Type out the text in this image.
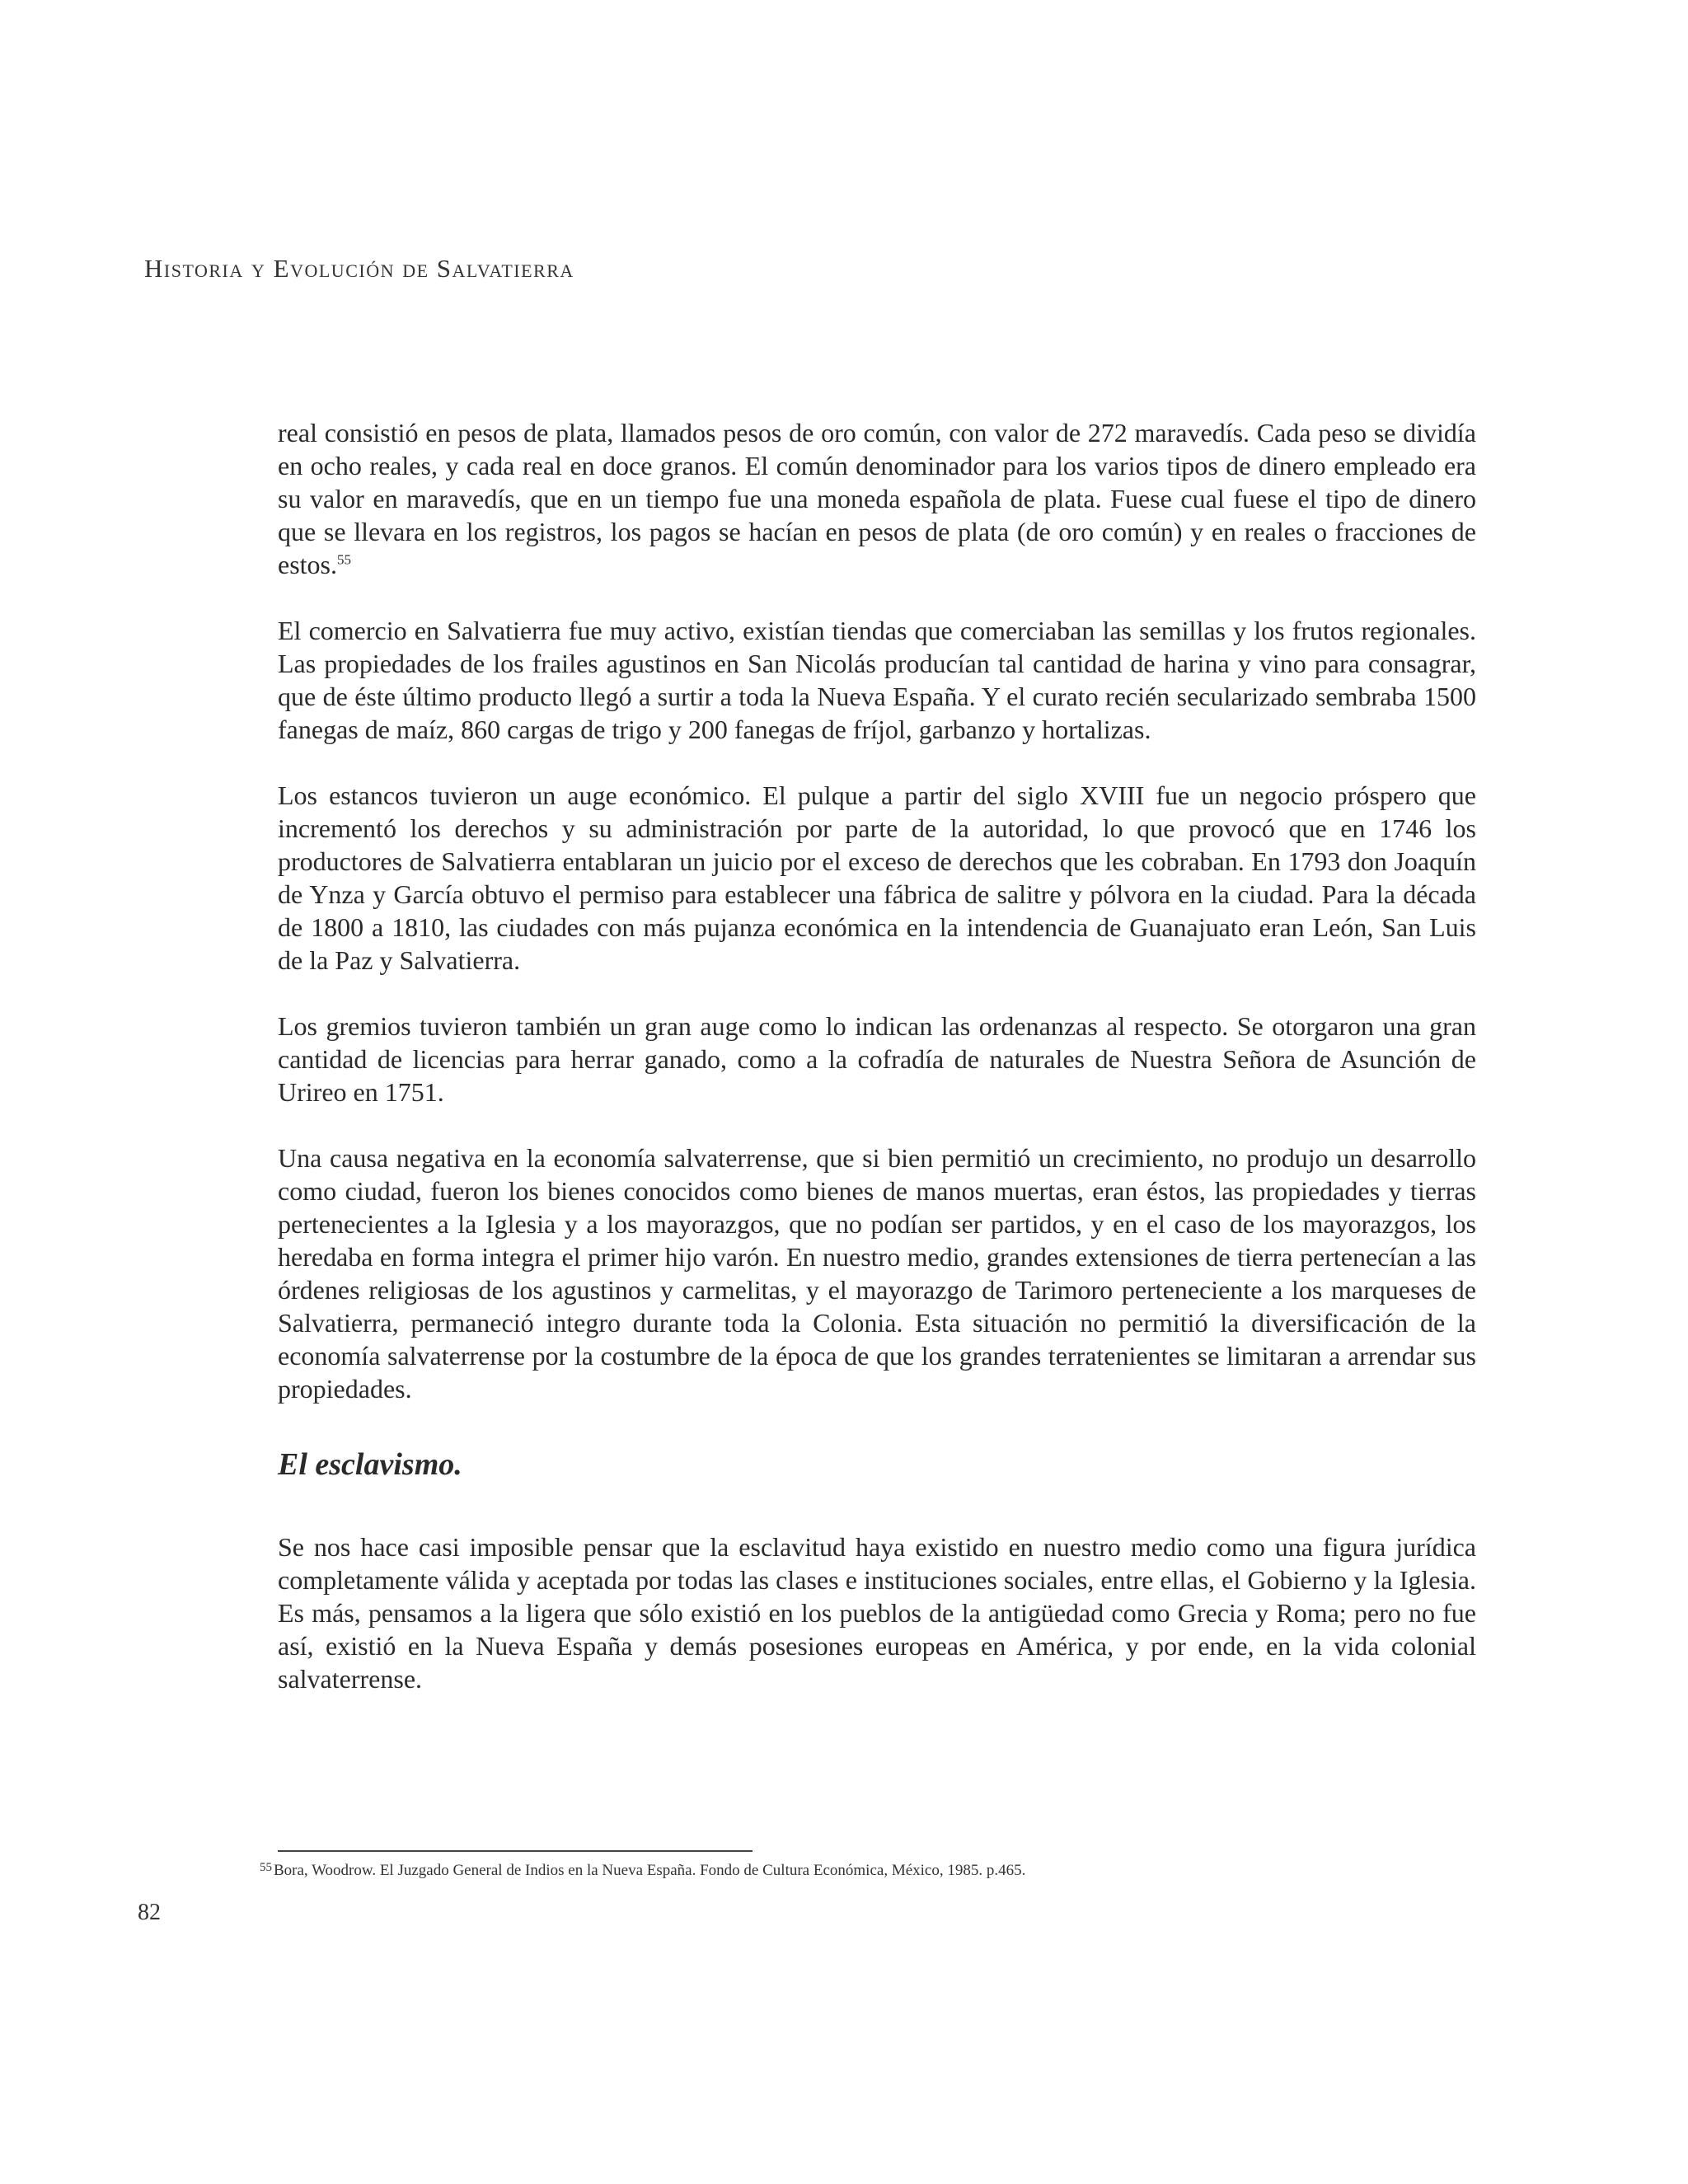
Historia y Evolución de Salvatierra

real consistió en pesos de plata, llamados pesos de oro común, con valor de 272 maravedís. Cada peso se dividía en ocho reales, y cada real en doce granos. El común denominador para los varios tipos de dinero empleado era su valor en maravedís, que en un tiempo fue una moneda española de plata. Fuese cual fuese el tipo de dinero que se llevara en los registros, los pagos se hacían en pesos de plata (de oro común) y en reales o fracciones de estos.$^{55}$

El comercio en Salvatierra fue muy activo, existían tiendas que comerciaban las semillas y los frutos regionales. Las propiedades de los frailes agustinos en San Nicolás producían tal cantidad de harina y vino para consagrar, que de éste último producto llegó a surtir a toda la Nueva España. Y el curato recién secularizado sembraba 1500 fanegas de maíz, 860 cargas de trigo y 200 fanegas de fríjol, garbanzo y hortalizas.

Los estancos tuvieron un auge económico. El pulque a partir del siglo XVIII fue un negocio próspero que incrementó los derechos y su administración por parte de la autoridad, lo que provocó que en 1746 los productores de Salvatierra entablaran un juicio por el exceso de derechos que les cobraban. En 1793 don Joaquín de Ynza y García obtuvo el permiso para establecer una fábrica de salitre y pólvora en la ciudad. Para la década de 1800 a 1810, las ciudades con más pujanza económica en la intendencia de Guanajuato eran León, San Luis de la Paz y Salvatierra.

Los gremios tuvieron también un gran auge como lo indican las ordenanzas al respecto. Se otorgaron una gran cantidad de licencias para herrar ganado, como a la cofradía de naturales de Nuestra Señora de Asunción de Urireo en 1751.

Una causa negativa en la economía salvaterrense, que si bien permitió un crecimiento, no produjo un desarrollo como ciudad, fueron los bienes conocidos como bienes de manos muertas, eran éstos, las propiedades y tierras pertenecientes a la Iglesia y a los mayorazgos, que no podían ser partidos, y en el caso de los mayorazgos, los heredaba en forma integra el primer hijo varón. En nuestro medio, grandes extensiones de tierra pertenecían a las órdenes religiosas de los agustinos y carmelitas, y el mayorazgo de Tarimoro perteneciente a los marqueses de Salvatierra, permaneció integro durante toda la Colonia. Esta situación no permitió la diversificación de la economía salvaterrense por la costumbre de la época de que los grandes terratenientes se limitaran a arrendar sus propiedades.

El esclavismo.

Se nos hace casi imposible pensar que la esclavitud haya existido en nuestro medio como una figura jurídica completamente válida y aceptada por todas las clases e instituciones sociales, entre ellas, el Gobierno y la Iglesia. Es más, pensamos a la ligera que sólo existió en los pueblos de la antigüedad como Grecia y Roma; pero no fue así, existió en la Nueva España y demás posesiones europeas en América, y por ende, en la vida colonial salvaterrense.

$^{55}$ Bora, Woodrow. El Juzgado General de Indios en la Nueva España. Fondo de Cultura Económica, México, 1985. p.465.
82
